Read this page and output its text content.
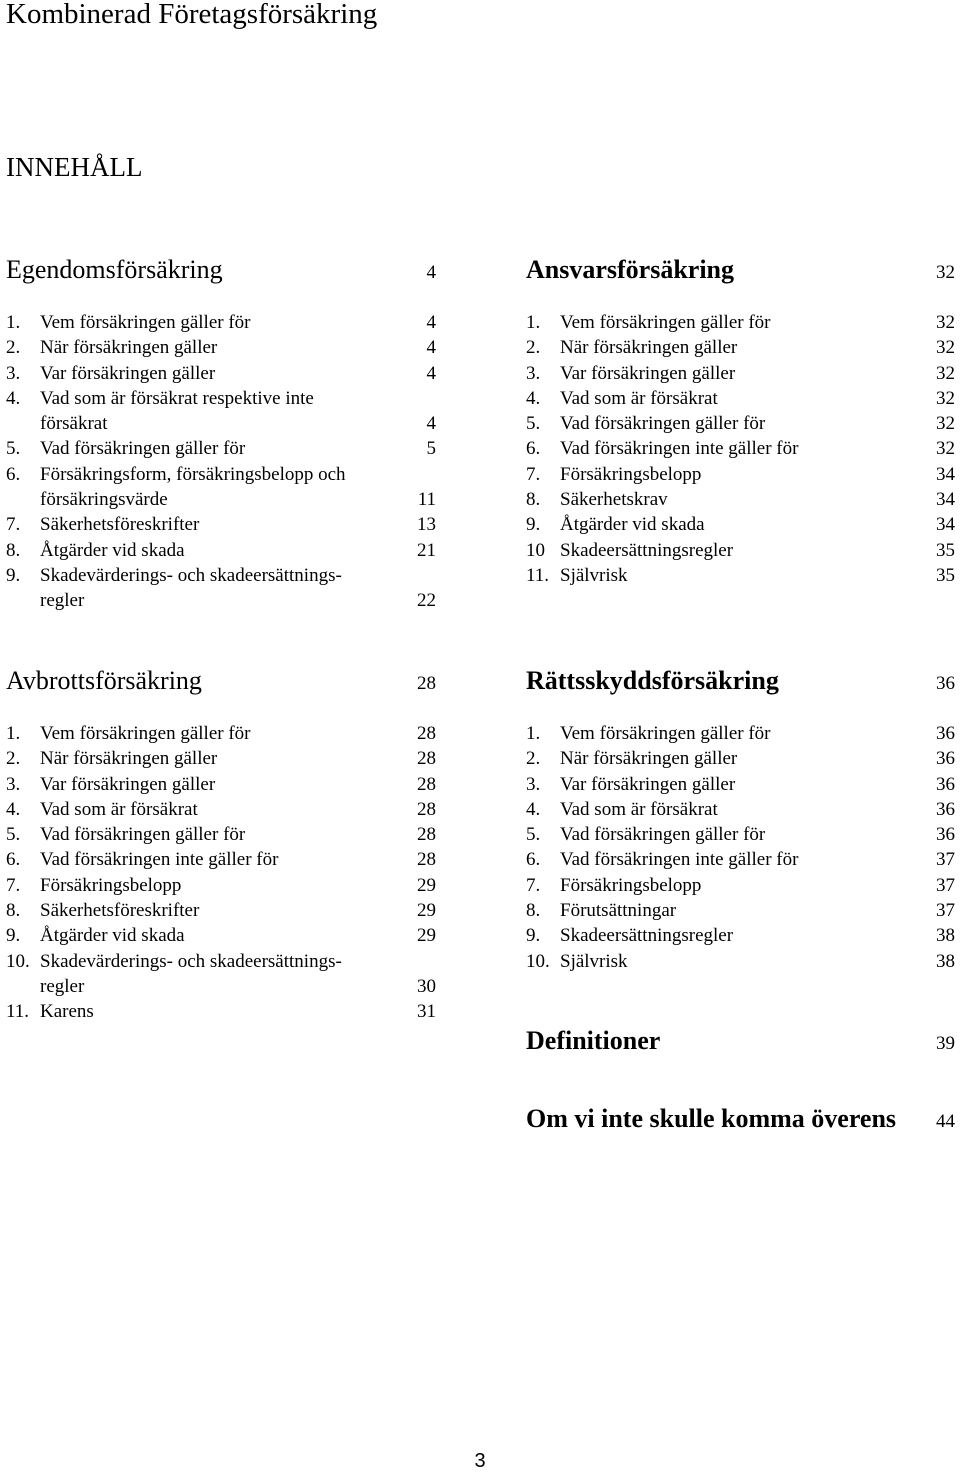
Kombinerad Företagsförsäkring
INNEHÅLL
Egendomsförsäkring	4
1.	Vem försäkringen gäller för	4
2.	När försäkringen gäller	4
3.	Var försäkringen gäller	4
4.	Vad som är försäkrat respektive inte
försäkrat	4
5.	Vad försäkringen gäller för	5
6.	Försäkringsform, försäkringsbelopp och
försäkringsvärde	11
7.	Säkerhetsföreskrifter	13
8.	Åtgärder vid skada	21
9.	Skadevärderings- och skadeersättnings-
regler	22
Ansvarsförsäkring	32
1.	Vem försäkringen gäller för	32
2.	När försäkringen gäller	32
3.	Var försäkringen gäller	32
4.	Vad som är försäkrat	32
5.	Vad försäkringen gäller för	32
6.	Vad försäkringen inte gäller för	32
7.	Försäkringsbelopp	34
8.	Säkerhetskrav	34
9.	Åtgärder vid skada	34
10 Skadeersättningsregler	35
11. Självrisk	35
Avbrottsförsäkring	28
1.	Vem försäkringen gäller för	28
2.	När försäkringen gäller	28
3.	Var försäkringen gäller	28
4.	Vad som är försäkrat	28
5.	Vad försäkringen gäller för	28
6.	Vad försäkringen inte gäller för	28
7.	Försäkringsbelopp	29
8.	Säkerhetsföreskrifter	29
9.	Åtgärder vid skada	29
10. Skadevärderings- och skadeersättnings-
regler	30
11. Karens	31
Rättsskyddsförsäkring	36
1.	Vem försäkringen gäller för	36
2.	När försäkringen gäller	36
3.	Var försäkringen gäller	36
4.	Vad som är försäkrat	36
5.	Vad försäkringen gäller för	36
6.	Vad försäkringen inte gäller för	37
7.	Försäkringsbelopp	37
8.	Förutsättningar	37
9.	Skadeersättningsregler	38
10. Självrisk	38
Definitioner	39
Om vi inte skulle komma överens 44
3
